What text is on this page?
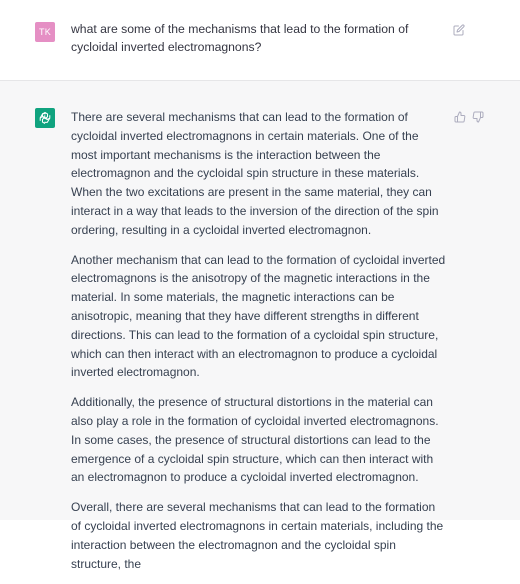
TK	what are some of the mechanisms that lead to the formation of cycloidal inverted electromagnons?

There are several mechanisms that can lead to the formation of cycloidal inverted electromagnons in certain materials. One of the most important mechanisms is the interaction between the electromagnon and the cycloidal spin structure in these materials. When the two excitations are present in the same material, they can interact in a way that leads to the inversion of the direction of the spin ordering, resulting in a cycloidal inverted electromagnon.

Another mechanism that can lead to the formation of cycloidal inverted electromagnons is the anisotropy of the magnetic interactions in the material. In some materials, the magnetic interactions can be anisotropic, meaning that they have different strengths in different directions. This can lead to the formation of a cycloidal spin structure, which can then interact with an electromagnon to produce a cycloidal inverted electromagnon.

Additionally, the presence of structural distortions in the material can also play a role in the formation of cycloidal inverted electromagnons. In some cases, the presence of structural distortions can lead to the emergence of a cycloidal spin structure, which can then interact with an electromagnon to produce a cycloidal inverted electromagnon.

Overall, there are several mechanisms that can lead to the formation of cycloidal inverted electromagnons in certain materials, including the interaction between the electromagnon and the cycloidal spin structure, the
